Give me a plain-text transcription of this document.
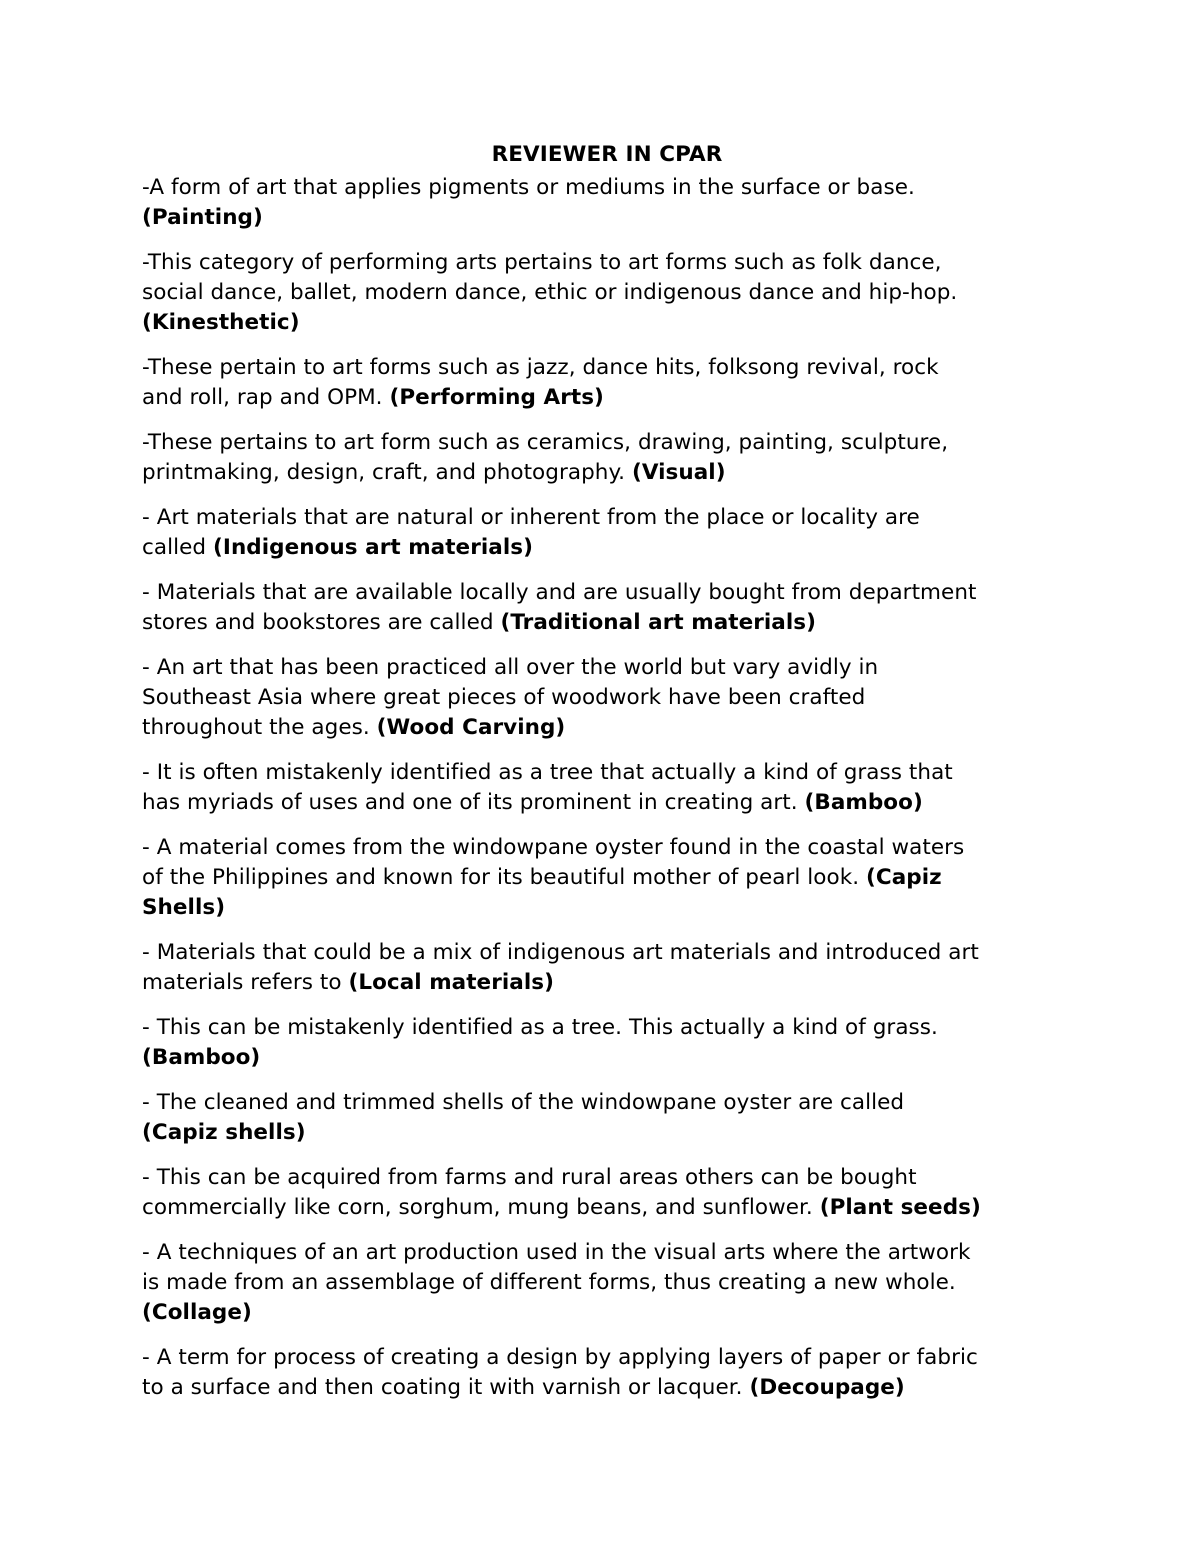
REVIEWER IN CPAR
-A form of art that applies pigments or mediums in the surface or base.
(Painting)
-This category of performing arts pertains to art forms such as folk dance,
social dance, ballet, modern dance, ethic or indigenous dance and hip-hop.
(Kinesthetic)
-These pertain to art forms such as jazz, dance hits, folksong revival, rock
and roll, rap and OPM. (Performing Arts)
-These pertains to art form such as ceramics, drawing, painting, sculpture,
printmaking, design, craft, and photography. (Visual)
- Art materials that are natural or inherent from the place or locality are
called (Indigenous art materials)
- Materials that are available locally and are usually bought from department
stores and bookstores are called (Traditional art materials)
- An art that has been practiced all over the world but vary avidly in
Southeast Asia where great pieces of woodwork have been crafted
throughout the ages. (Wood Carving)
- It is often mistakenly identified as a tree that actually a kind of grass that
has myriads of uses and one of its prominent in creating art. (Bamboo)
- A material comes from the windowpane oyster found in the coastal waters
of the Philippines and known for its beautiful mother of pearl look. (Capiz
Shells)
- Materials that could be a mix of indigenous art materials and introduced art
materials refers to (Local materials)
- This can be mistakenly identified as a tree. This actually a kind of grass.
(Bamboo)
- The cleaned and trimmed shells of the windowpane oyster are called
(Capiz shells)
- This can be acquired from farms and rural areas others can be bought
commercially like corn, sorghum, mung beans, and sunflower. (Plant seeds)
- A techniques of an art production used in the visual arts where the artwork
is made from an assemblage of different forms, thus creating a new whole.
(Collage)
- A term for process of creating a design by applying layers of paper or fabric
to a surface and then coating it with varnish or lacquer. (Decoupage)
